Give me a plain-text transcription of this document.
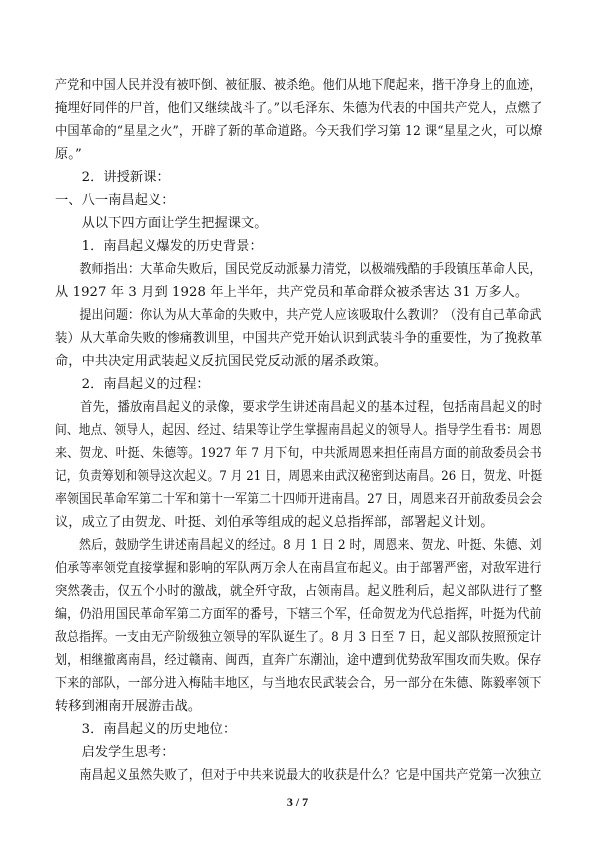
产党和中国人民并没有被吓倒、被征服、被杀绝。他们从地下爬起来，揩干净身上的血迹，
掩埋好同伴的尸首，他们又继续战斗了。”以毛泽东、朱德为代表的中国共产党人，点燃了
中国革命的“星星之火”，开辟了新的革命道路。今天我们学习第 12 课“星星之火，可以燎
原。”
　　2．讲授新课：
一、八一南昌起义：
　　从以下四方面让学生把握课文。
　　1．南昌起义爆发的历史背景：
　　教师指出：大革命失败后，国民党反动派暴力清党，以极端残酷的手段镇压革命人民，
从 1927 年 3 月到 1928 年上半年，共产党员和革命群众被杀害达 31 万多人。
　　提出问题：你认为从大革命的失败中，共产党人应该吸取什么教训？（没有自己革命武
装）从大革命失败的惨痛教训里，中国共产党开始认识到武装斗争的重要性，为了挽救革
命，中共决定用武装起义反抗国民党反动派的屠杀政策。
　　2．南昌起义的过程：
　　首先，播放南昌起义的录像，要求学生讲述南昌起义的基本过程，包括南昌起义的时
间、地点、领导人，起因、经过、结果等让学生掌握南昌起义的领导人。指导学生看书：周恩
来、贺龙、叶挺、朱德等。1927 年 7 月下旬，中共派周恩来担任南昌方面的前敌委员会书
记，负责筹划和领导这次起义。7 月 21 日，周恩来由武汉秘密到达南昌。26 日，贺龙、叶挺
率领国民革命军第二十军和第十一军第二十四师开进南昌。27 日，周恩来召开前敌委员会会
议，成立了由贺龙、叶挺、刘伯承等组成的起义总指挥部，部署起义计划。
　　然后，鼓励学生讲述南昌起义的经过。8 月 1 日 2 时，周恩来、贺龙、叶挺、朱德、刘
伯承等率领党直接掌握和影响的军队两万余人在南昌宣布起义。由于部署严密，对敌军进行
突然袭击，仅五个小时的激战，就全歼守敌，占领南昌。起义胜利后，起义部队进行了整
编，仍沿用国民革命军第二方面军的番号，下辖三个军，任命贺龙为代总指挥，叶挺为代前
敌总指挥。一支由无产阶级独立领导的军队诞生了。8 月 3 日至 7 日，起义部队按照预定计
划，相继撤离南昌，经过赣南、闽西，直奔广东潮汕，途中遭到优势敌军围攻而失败。保存
下来的部队，一部分进入梅陆丰地区，与当地农民武装会合，另一部分在朱德、陈毅率领下
转移到湘南开展游击战。
　　3．南昌起义的历史地位：
　　启发学生思考：
　　南昌起义虽然失败了，但对于中共来说最大的收获是什么？它是中国共产党第一次独立
3 / 7
